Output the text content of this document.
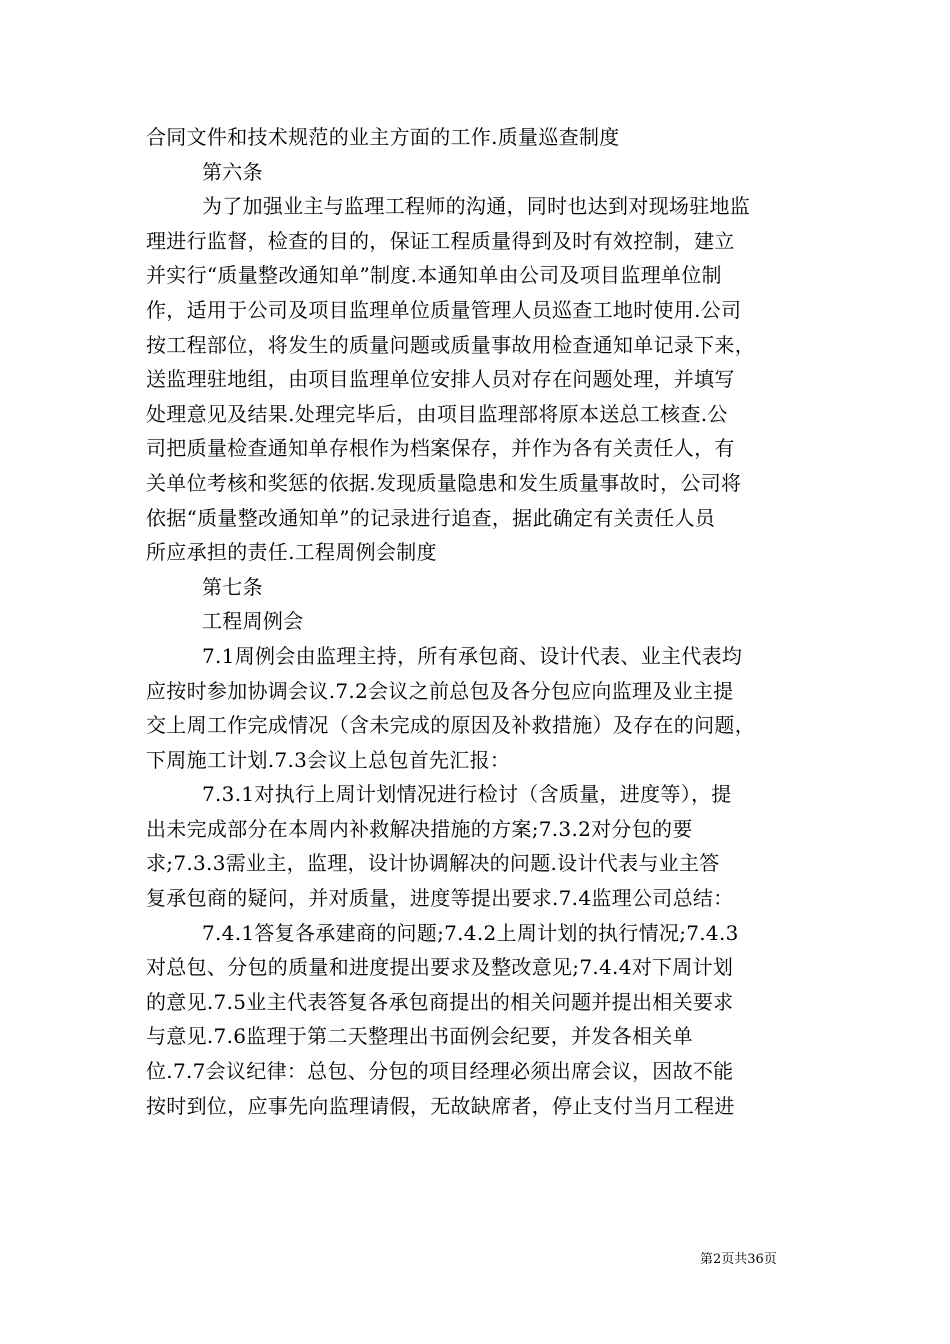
合同文件和技术规范的业主方面的工作.质量巡查制度
第六条
为了加强业主与监理工程师的沟通，同时也达到对现场驻地监
理进行监督，检查的目的，保证工程质量得到及时有效控制，建立
并实行“质量整改通知单”制度.本通知单由公司及项目监理单位制
作，适用于公司及项目监理单位质量管理人员巡查工地时使用.公司
按工程部位，将发生的质量问题或质量事故用检查通知单记录下来，
送监理驻地组，由项目监理单位安排人员对存在问题处理，并填写
处理意见及结果.处理完毕后，由项目监理部将原本送总工核查.公
司把质量检查通知单存根作为档案保存，并作为各有关责任人，有
关单位考核和奖惩的依据.发现质量隐患和发生质量事故时，公司将
依据“质量整改通知单”的记录进行追查，据此确定有关责任人员
所应承担的责任.工程周例会制度
第七条
工程周例会
7.1周例会由监理主持，所有承包商、设计代表、业主代表均
应按时参加协调会议.7.2会议之前总包及各分包应向监理及业主提
交上周工作完成情况（含未完成的原因及补救措施）及存在的问题，
下周施工计划.7.3会议上总包首先汇报：
7.3.1对执行上周计划情况进行检讨（含质量，进度等），提
出未完成部分在本周内补救解决措施的方案;7.3.2对分包的要
求;7.3.3需业主，监理，设计协调解决的问题.设计代表与业主答
复承包商的疑问，并对质量，进度等提出要求.7.4监理公司总结：
7.4.1答复各承建商的问题;7.4.2上周计划的执行情况;7.4.3
对总包、分包的质量和进度提出要求及整改意见;7.4.4对下周计划
的意见.7.5业主代表答复各承包商提出的相关问题并提出相关要求
与意见.7.6监理于第二天整理出书面例会纪要，并发各相关单
位.7.7会议纪律：总包、分包的项目经理必须出席会议，因故不能
按时到位，应事先向监理请假，无故缺席者，停止支付当月工程进
第2页共36页
